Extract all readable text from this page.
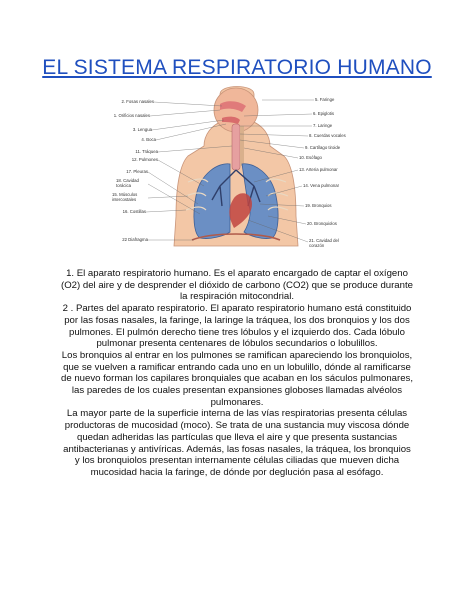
EL SISTEMA RESPIRATORIO HUMANO
2. Fosas nasales
1. Orificios nasales
3. Lengua
4. Boca
11. Tráquea
12. Pulmones
17. Pleuras
18. Cavidad torácica
15. Músculos intercostales
16. Costillas
22 Diafragma
5. Faringe
6. Epiglotis
7. Laringe
8. Cuerdas vocales
9. Cartílago tiroide
10. Esófago
13. Arteria pulmonar
14. Vena pulmonar
19. Bronquios
20. Bronquiolos
21. Cavidad del corazón

1. El aparato respiratorio humano. Es el aparato encargado de captar el oxígeno (O2) del aire y de desprender el dióxido de carbono (CO2) que se produce durante la respiración mitocondrial.

2 . Partes del aparato respiratorio. El aparato respiratorio humano está constituido por las fosas nasales, la faringe, la laringe la tráquea, los dos bronquios y los dos pulmones. El pulmón derecho tiene tres lóbulos y el izquierdo dos. Cada lóbulo pulmonar presenta centenares de lóbulos secundarios o lobulillos.

Los bronquios al entrar en los pulmones se ramifican apareciendo los bronquiolos, que se vuelven a ramificar entrando cada uno en un lobulillo, dónde al ramificarse de nuevo forman los capilares bronquiales que acaban en los sáculos pulmonares, las paredes de los cuales presentan expansiones globoses llamadas alvéolos pulmonares.

La mayor parte de la superficie interna de las vías respiratorias presenta células productoras de mucosidad (moco). Se trata de una sustancia muy viscosa dónde quedan adheridas las partículas que lleva el aire y que presenta sustancias antibacterianas y antivíricas. Además, las fosas nasales, la tráquea, los bronquios y los bronquiolos presentan internamente células ciliadas que mueven dicha mucosidad hacia la faringe, de dónde por deglución pasa al esófago.
